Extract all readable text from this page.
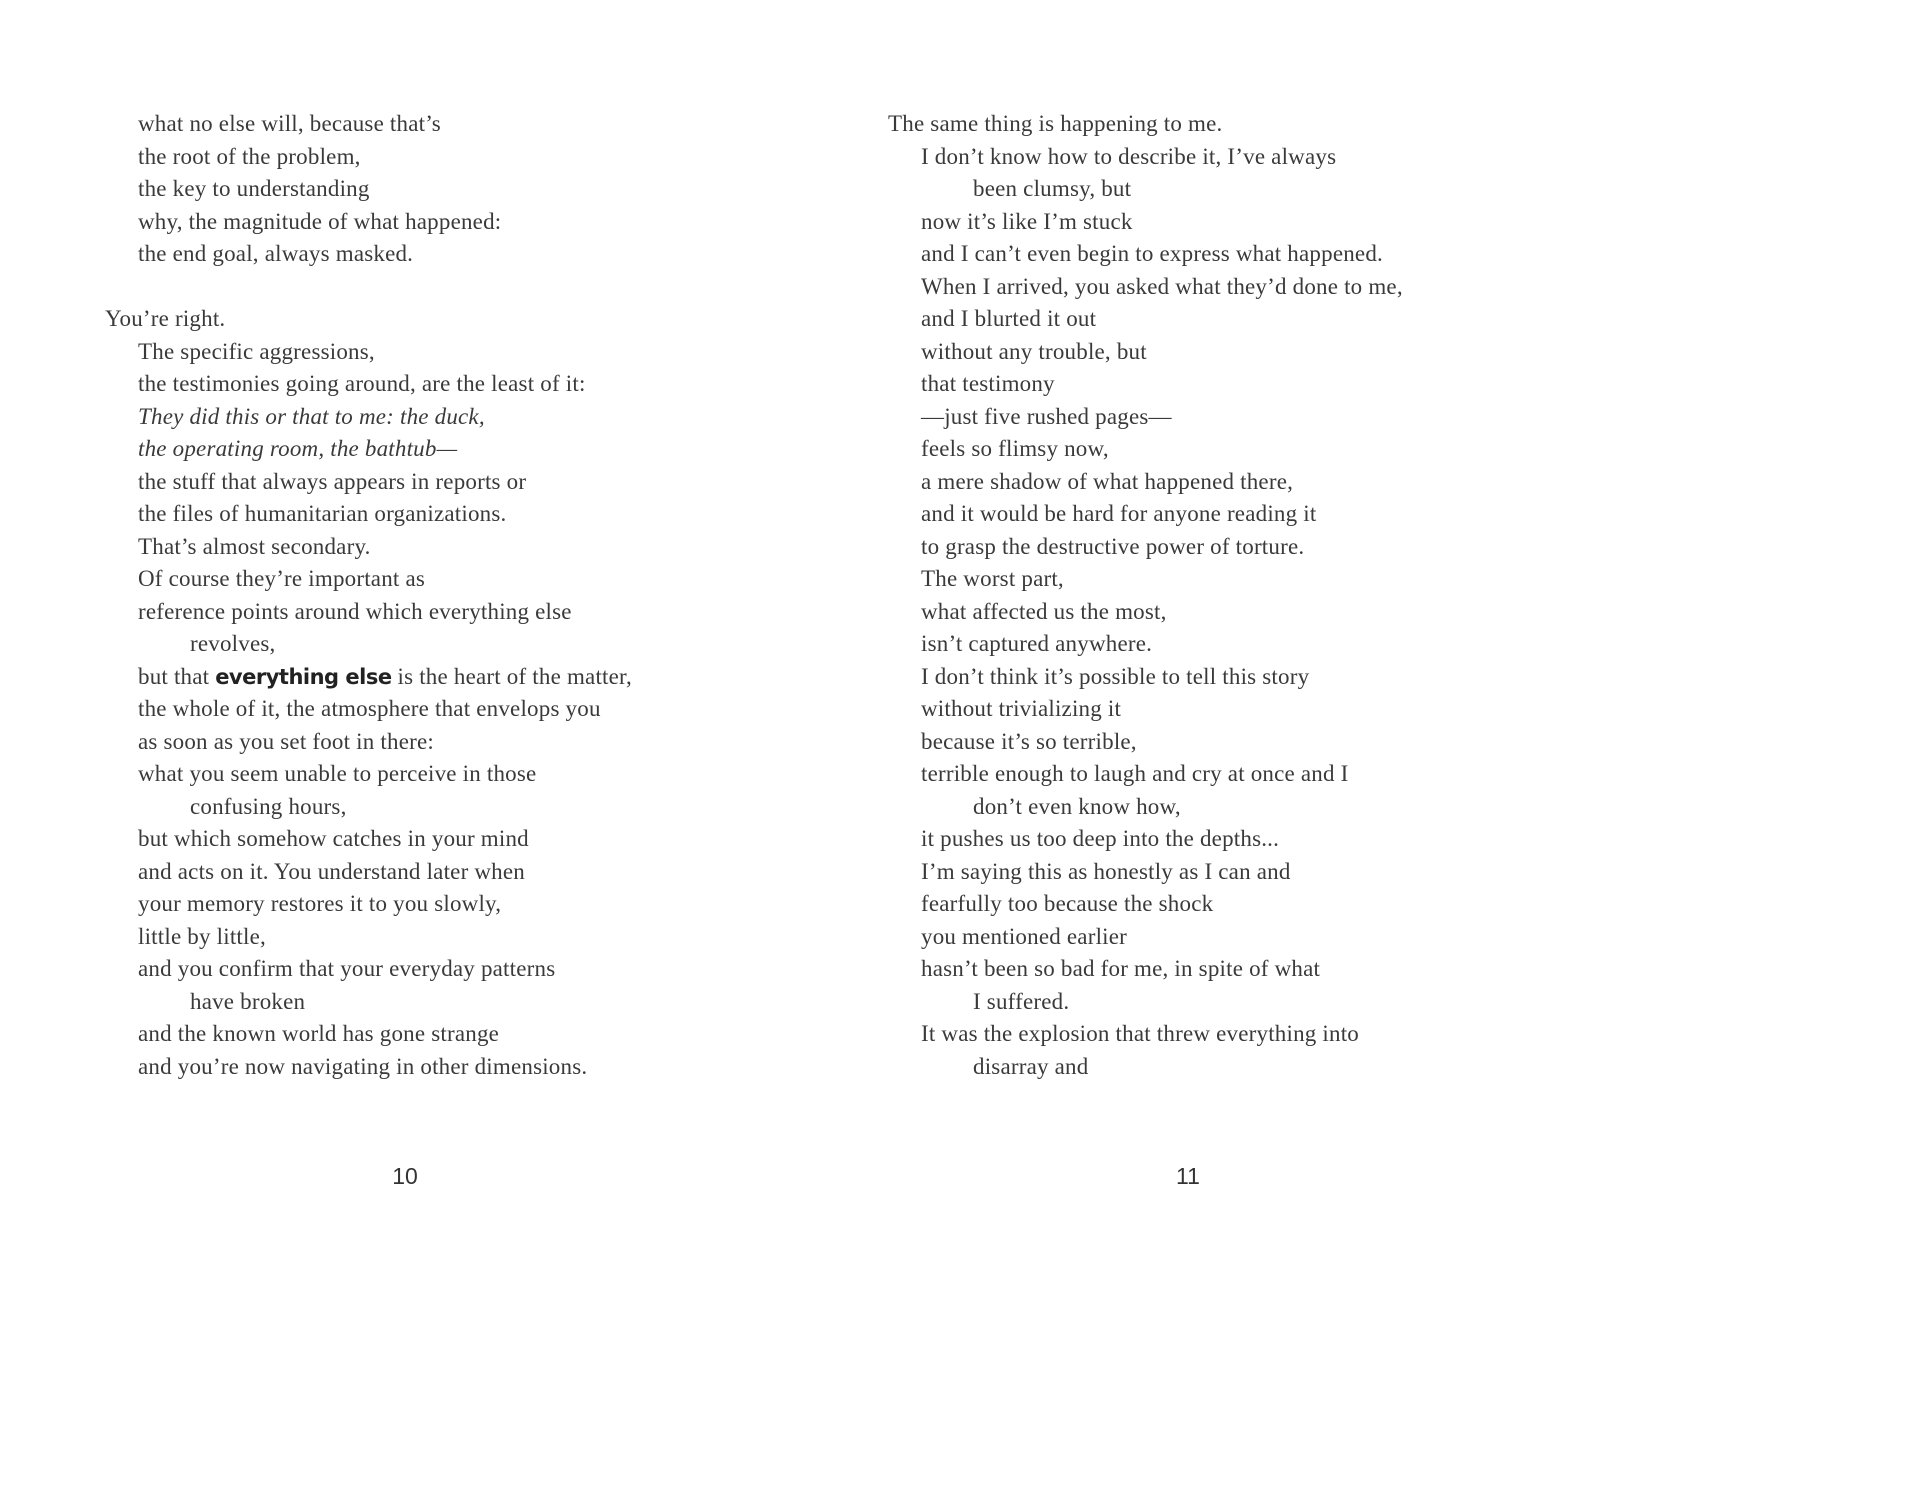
what no else will, because that’s
the root of the problem,
the key to understanding
why, the magnitude of what happened:
the end goal, always masked.
You’re right.
The specific aggressions,
the testimonies going around, are the least of it:
They did this or that to me: the duck,
the operating room, the bathtub—
the stuff that always appears in reports or
the files of humanitarian organizations.
That’s almost secondary.
Of course they’re important as
reference points around which everything else
revolves,
but that everything else is the heart of the matter,
the whole of it, the atmosphere that envelops you
as soon as you set foot in there:
what you seem unable to perceive in those
confusing hours,
but which somehow catches in your mind
and acts on it. You understand later when
your memory restores it to you slowly,
little by little,
and you confirm that your everyday patterns
have broken
and the known world has gone strange
and you’re now navigating in other dimensions.
10
The same thing is happening to me.
I don’t know how to describe it, I’ve always
been clumsy, but
now it’s like I’m stuck
and I can’t even begin to express what happened.
When I arrived, you asked what they’d done to me,
and I blurted it out
without any trouble, but
that testimony
—just five rushed pages—
feels so flimsy now,
a mere shadow of what happened there,
and it would be hard for anyone reading it
to grasp the destructive power of torture.
The worst part,
what affected us the most,
isn’t captured anywhere.
I don’t think it’s possible to tell this story
without trivializing it
because it’s so terrible,
terrible enough to laugh and cry at once and I
don’t even know how,
it pushes us too deep into the depths...
I’m saying this as honestly as I can and
fearfully too because the shock
you mentioned earlier
hasn’t been so bad for me, in spite of what
I suffered.
It was the explosion that threw everything into
disarray and
11
